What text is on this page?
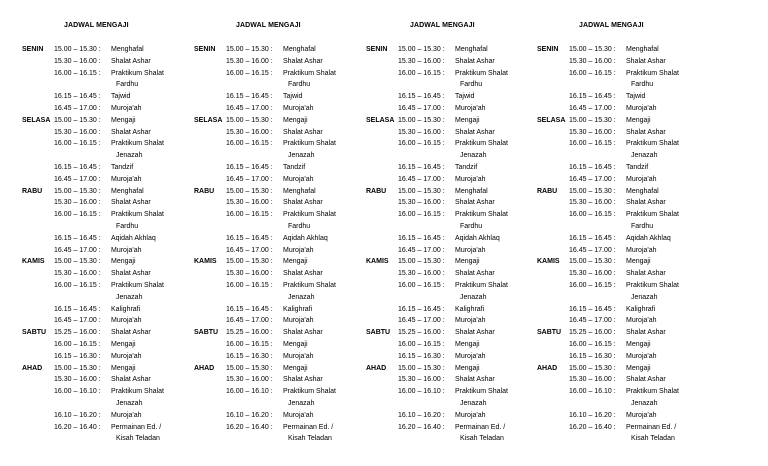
JADWAL MENGAJI
SENIN 15.00 – 15.30 : Menghafal
15.30 – 16.00 : Shalat Ashar
16.00 – 16.15 : Praktikum Shalat
Fardhu
16.15 – 16.45 : Tajwid
16.45 – 17.00 : Muroja'ah
SELASA 15.00 – 15.30 : Mengaji
15.30 – 16.00 : Shalat Ashar
16.00 – 16.15 : Praktikum Shalat
Jenazah
16.15 – 16.45 : Tandzif
16.45 – 17.00 : Muroja'ah
RABU 15.00 – 15.30 : Menghafal
15.30 – 16.00 : Shalat Ashar
16.00 – 16.15 : Praktikum Shalat
Fardhu
16.15 – 16.45 : Aqidah Akhlaq
16.45 – 17.00 : Muroja'ah
KAMIS 15.00 – 15.30 : Mengaji
15.30 – 16.00 : Shalat Ashar
16.00 – 16.15 : Praktikum Shalat
Jenazah
16.15 – 16.45 : Kalighrafi
16.45 – 17.00 : Muroja'ah
SABTU 15.25 – 16.00 : Shalat Ashar
16.00 – 16.15 : Mengaji
16.15 – 16.30 : Muroja'ah
AHAD 15.00 – 15.30 : Mengaji
15.30 – 16.00 : Shalat Ashar
16.00 – 16.10 : Praktikum Shalat
Jenazah
16.10 – 16.20 : Muroja'ah
16.20 – 16.40 : Permainan Ed. /
Kisah Teladan
JADWAL MENGAJI
SENIN 15.00 – 15.30 : Menghafal
15.30 – 16.00 : Shalat Ashar
16.00 – 16.15 : Praktikum Shalat
Fardhu
16.15 – 16.45 : Tajwid
16.45 – 17.00 : Muroja'ah
SELASA 15.00 – 15.30 : Mengaji
15.30 – 16.00 : Shalat Ashar
16.00 – 16.15 : Praktikum Shalat
Jenazah
16.15 – 16.45 : Tandzif
16.45 – 17.00 : Muroja'ah
RABU 15.00 – 15.30 : Menghafal
15.30 – 16.00 : Shalat Ashar
16.00 – 16.15 : Praktikum Shalat
Fardhu
16.15 – 16.45 : Aqidah Akhlaq
16.45 – 17.00 : Muroja'ah
KAMIS 15.00 – 15.30 : Mengaji
15.30 – 16.00 : Shalat Ashar
16.00 – 16.15 : Praktikum Shalat
Jenazah
16.15 – 16.45 : Kalighrafi
16.45 – 17.00 : Muroja'ah
SABTU 15.25 – 16.00 : Shalat Ashar
16.00 – 16.15 : Mengaji
16.15 – 16.30 : Muroja'ah
AHAD 15.00 – 15.30 : Mengaji
15.30 – 16.00 : Shalat Ashar
16.00 – 16.10 : Praktikum Shalat
Jenazah
16.10 – 16.20 : Muroja'ah
16.20 – 16.40 : Permainan Ed. /
Kisah Teladan
JADWAL MENGAJI
SENIN 15.00 – 15.30 : Menghafal
15.30 – 16.00 : Shalat Ashar
16.00 – 16.15 : Praktikum Shalat
Fardhu
16.15 – 16.45 : Tajwid
16.45 – 17.00 : Muroja'ah
SELASA 15.00 – 15.30 : Mengaji
15.30 – 16.00 : Shalat Ashar
16.00 – 16.15 : Praktikum Shalat
Jenazah
16.15 – 16.45 : Tandzif
16.45 – 17.00 : Muroja'ah
RABU 15.00 – 15.30 : Menghafal
15.30 – 16.00 : Shalat Ashar
16.00 – 16.15 : Praktikum Shalat
Fardhu
16.15 – 16.45 : Aqidah Akhlaq
16.45 – 17.00 : Muroja'ah
KAMIS 15.00 – 15.30 : Mengaji
15.30 – 16.00 : Shalat Ashar
16.00 – 16.15 : Praktikum Shalat
Jenazah
16.15 – 16.45 : Kalighrafi
16.45 – 17.00 : Muroja'ah
SABTU 15.25 – 16.00 : Shalat Ashar
16.00 – 16.15 : Mengaji
16.15 – 16.30 : Muroja'ah
AHAD 15.00 – 15.30 : Mengaji
15.30 – 16.00 : Shalat Ashar
16.00 – 16.10 : Praktikum Shalat
Jenazah
16.10 – 16.20 : Muroja'ah
16.20 – 16.40 : Permainan Ed. /
Kisah Teladan
JADWAL MENGAJI
SENIN 15.00 – 15.30 : Menghafal
15.30 – 16.00 : Shalat Ashar
16.00 – 16.15 : Praktikum Shalat
Fardhu
16.15 – 16.45 : Tajwid
16.45 – 17.00 : Muroja'ah
SELASA 15.00 – 15.30 : Mengaji
15.30 – 16.00 : Shalat Ashar
16.00 – 16.15 : Praktikum Shalat
Jenazah
16.15 – 16.45 : Tandzif
16.45 – 17.00 : Muroja'ah
RABU 15.00 – 15.30 : Menghafal
15.30 – 16.00 : Shalat Ashar
16.00 – 16.15 : Praktikum Shalat
Fardhu
16.15 – 16.45 : Aqidah Akhlaq
16.45 – 17.00 : Muroja'ah
KAMIS 15.00 – 15.30 : Mengaji
15.30 – 16.00 : Shalat Ashar
16.00 – 16.15 : Praktikum Shalat
Jenazah
16.15 – 16.45 : Kalighrafi
16.45 – 17.00 : Muroja'ah
SABTU 15.25 – 16.00 : Shalat Ashar
16.00 – 16.15 : Mengaji
16.15 – 16.30 : Muroja'ah
AHAD 15.00 – 15.30 : Mengaji
15.30 – 16.00 : Shalat Ashar
16.00 – 16.10 : Praktikum Shalat
Jenazah
16.10 – 16.20 : Muroja'ah
16.20 – 16.40 : Permainan Ed. /
Kisah Teladan
